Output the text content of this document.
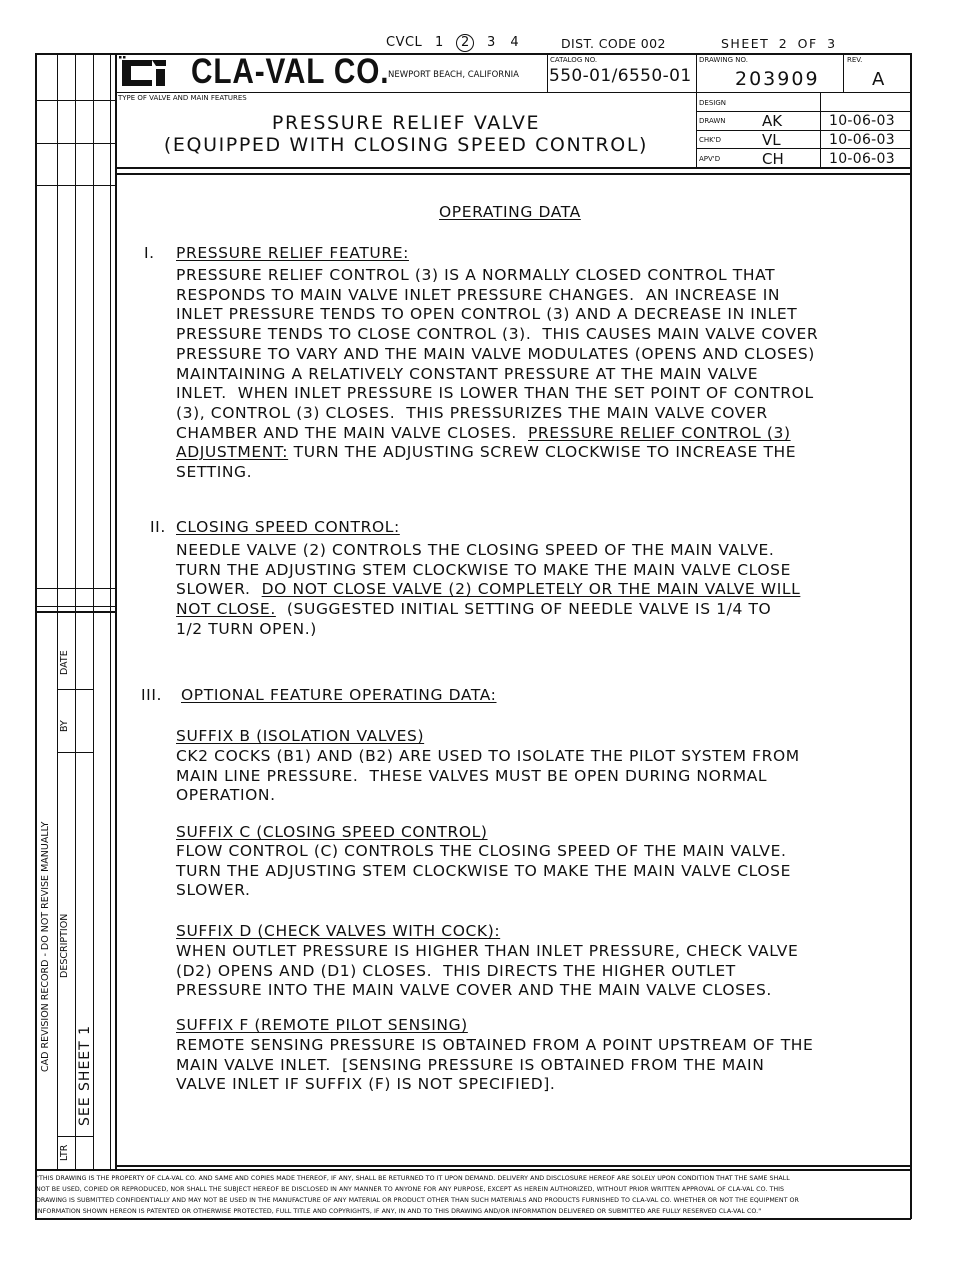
CVCL 1 2 3 4	DIST. CODE 002	SHEET 2 OF 3
CLA-VAL CO.
NEWPORT BEACH, CALIFORNIA
CATALOG NO.
550-01/6550-01
DRAWING NO.
203909
REV.
A
TYPE OF VALVE AND MAIN FEATURES
PRESSURE RELIEF VALVE
(EQUIPPED WITH CLOSING SPEED CONTROL)
DESIGN
DRAWN AK	10-06-03
CHK'D	VL	10-06-03
APV'D	CH	10-06-03
CAD REVISION RECORD - DO NOT REVISE MANUALLY DESCRIPTION
BY
DATE
LTR
SEE SHEET 1
OPERATING DATA
I. PRESSURE RELIEF FEATURE:
PRESSURE RELIEF CONTROL (3) IS A NORMALLY CLOSED CONTROL THAT
RESPONDS TO MAIN VALVE INLET PRESSURE CHANGES.  AN INCREASE IN
INLET PRESSURE TENDS TO OPEN CONTROL (3) AND A DECREASE IN INLET
PRESSURE TENDS TO CLOSE CONTROL (3).  THIS CAUSES MAIN VALVE COVER
PRESSURE TO VARY AND THE MAIN VALVE MODULATES (OPENS AND CLOSES)
MAINTAINING A RELATIVELY CONSTANT PRESSURE AT THE MAIN VALVE
INLET.  WHEN INLET PRESSURE IS LOWER THAN THE SET POINT OF CONTROL
(3), CONTROL (3) CLOSES.  THIS PRESSURIZES THE MAIN VALVE COVER
CHAMBER AND THE MAIN VALVE CLOSES.  PRESSURE RELIEF CONTROL (3)
ADJUSTMENT: TURN THE ADJUSTING SCREW CLOCKWISE TO INCREASE THE
SETTING.
II. CLOSING SPEED CONTROL:
NEEDLE VALVE (2) CONTROLS THE CLOSING SPEED OF THE MAIN VALVE.
TURN THE ADJUSTING STEM CLOCKWISE TO MAKE THE MAIN VALVE CLOSE
SLOWER.  DO NOT CLOSE VALVE (2) COMPLETELY OR THE MAIN VALVE WILL
NOT CLOSE.  (SUGGESTED INITIAL SETTING OF NEEDLE VALVE IS 1/4 TO
1/2 TURN OPEN.)
III. OPTIONAL FEATURE OPERATING DATA:
SUFFIX B (ISOLATION VALVES)
CK2 COCKS (B1) AND (B2) ARE USED TO ISOLATE THE PILOT SYSTEM FROM
MAIN LINE PRESSURE.  THESE VALVES MUST BE OPEN DURING NORMAL
OPERATION.
SUFFIX C (CLOSING SPEED CONTROL)
FLOW CONTROL (C) CONTROLS THE CLOSING SPEED OF THE MAIN VALVE.
TURN THE ADJUSTING STEM CLOCKWISE TO MAKE THE MAIN VALVE CLOSE
SLOWER.
SUFFIX D (CHECK VALVES WITH COCK):
WHEN OUTLET PRESSURE IS HIGHER THAN INLET PRESSURE, CHECK VALVE
(D2) OPENS AND (D1) CLOSES.  THIS DIRECTS THE HIGHER OUTLET
PRESSURE INTO THE MAIN VALVE COVER AND THE MAIN VALVE CLOSES.
SUFFIX F (REMOTE PILOT SENSING)
REMOTE SENSING PRESSURE IS OBTAINED FROM A POINT UPSTREAM OF THE
MAIN VALVE INLET.  [SENSING PRESSURE IS OBTAINED FROM THE MAIN
VALVE INLET IF SUFFIX (F) IS NOT SPECIFIED].
"THIS DRAWING IS THE PROPERTY OF CLA-VAL CO. AND SAME AND COPIES MADE THEREOF, IF ANY, SHALL BE RETURNED TO IT UPON DEMAND. DELIVERY AND DISCLOSURE HEREOF ARE SOLELY UPON CONDITION THAT THE SAME SHALL
NOT BE USED, COPIED OR REPRODUCED, NOR SHALL THE SUBJECT HEREOF BE DISCLOSED IN ANY MANNER TO ANYONE FOR ANY PURPOSE, EXCEPT AS HEREIN AUTHORIZED, WITHOUT PRIOR WRITTEN APPROVAL OF CLA-VAL CO. THIS
DRAWING IS SUBMITTED CONFIDENTIALLY AND MAY NOT BE USED IN THE MANUFACTURE OF ANY MATERIAL OR PRODUCT OTHER THAN SUCH MATERIALS AND PRODUCTS FURNISHED TO CLA-VAL CO. WHETHER OR NOT THE EQUIPMENT OR
INFORMATION SHOWN HEREON IS PATENTED OR OTHERWISE PROTECTED, FULL TITLE AND COPYRIGHTS, IF ANY, IN AND TO THIS DRAWING AND/OR INFORMATION DELIVERED OR SUBMITTED ARE FULLY RESERVED CLA-VAL CO."
